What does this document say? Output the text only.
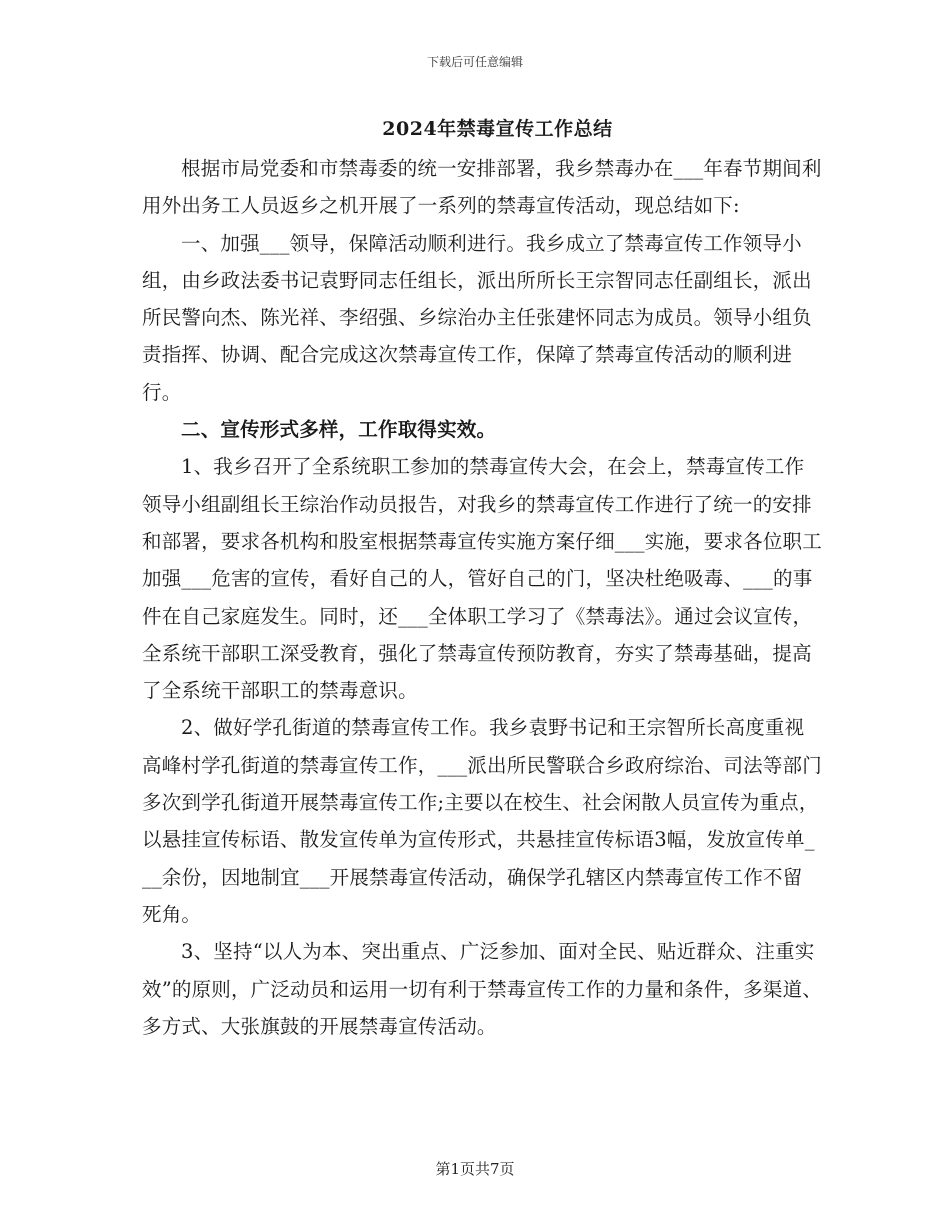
下载后可任意编辑
2024年禁毒宣传工作总结

根据市局党委和市禁毒委的统一安排部署，我乡禁毒办在___年春节期间利用外出务工人员返乡之机开展了一系列的禁毒宣传活动，现总结如下:

一、加强___领导，保障活动顺利进行。我乡成立了禁毒宣传工作领导小组，由乡政法委书记袁野同志任组长，派出所所长王宗智同志任副组长，派出所民警向杰、陈光祥、李绍强、乡综治办主任张建怀同志为成员。领导小组负责指挥、协调、配合完成这次禁毒宣传工作，保障了禁毒宣传活动的顺利进行。

二、宣传形式多样，工作取得实效。

1、我乡召开了全系统职工参加的禁毒宣传大会，在会上，禁毒宣传工作领导小组副组长王综治作动员报告，对我乡的禁毒宣传工作进行了统一的安排和部署，要求各机构和股室根据禁毒宣传实施方案仔细___实施，要求各位职工加强___危害的宣传，看好自己的人，管好自己的门，坚决杜绝吸毒、___的事件在自己家庭发生。同时，还___全体职工学习了《禁毒法》。通过会议宣传，全系统干部职工深受教育，强化了禁毒宣传预防教育，夯实了禁毒基础，提高了全系统干部职工的禁毒意识。

2、做好学孔街道的禁毒宣传工作。我乡袁野书记和王宗智所长高度重视高峰村学孔街道的禁毒宣传工作，___派出所民警联合乡政府综治、司法等部门多次到学孔街道开展禁毒宣传工作;主要以在校生、社会闲散人员宣传为重点，以悬挂宣传标语、散发宣传单为宣传形式，共悬挂宣传标语3幅，发放宣传单___余份，因地制宜___开展禁毒宣传活动，确保学孔辖区内禁毒宣传工作不留死角。

3、坚持“以人为本、突出重点、广泛参加、面对全民、贴近群众、注重实效”的原则，广泛动员和运用一切有利于禁毒宣传工作的力量和条件，多渠道、多方式、大张旗鼓的开展禁毒宣传活动。

第1页共7页
